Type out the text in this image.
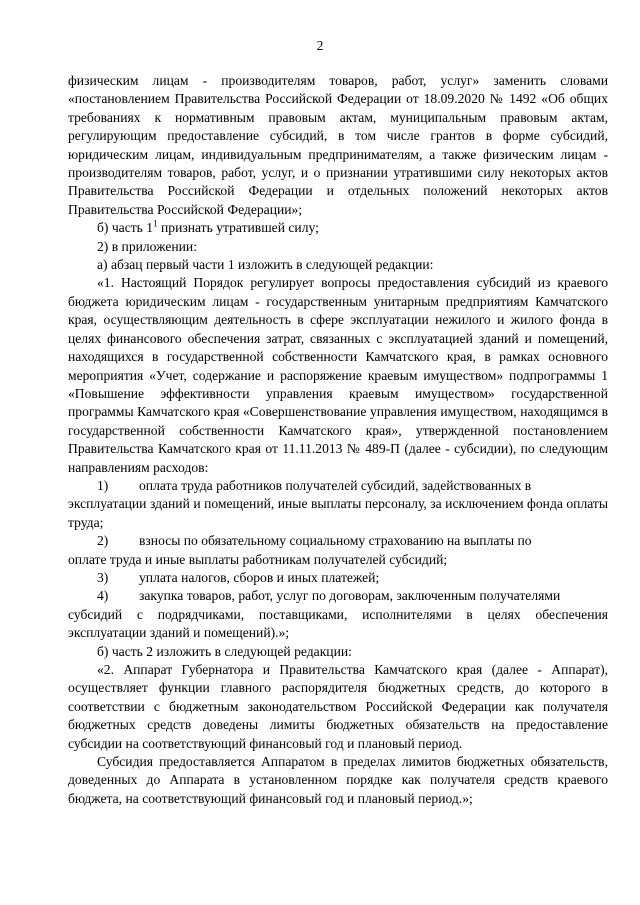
2

физическим лицам - производителям товаров, работ, услуг» заменить словами «постановлением Правительства Российской Федерации от 18.09.2020 № 1492 «Об общих требованиях к нормативным правовым актам, муниципальным правовым актам, регулирующим предоставление субсидий, в том числе грантов в форме субсидий, юридическим лицам, индивидуальным предпринимателям, а также физическим лицам - производителям товаров, работ, услуг, и о признании утратившими силу некоторых актов Правительства Российской Федерации и отдельных положений некоторых актов Правительства Российской Федерации»;

б) часть $1^1$ признать утратившей силу;

2) в приложении:

а) абзац первый части 1 изложить в следующей редакции:

«1. Настоящий Порядок регулирует вопросы предоставления субсидий из краевого бюджета юридическим лицам - государственным унитарным предприятиям Камчатского края, осуществляющим деятельность в сфере эксплуатации нежилого и жилого фонда в целях финансового обеспечения затрат, связанных с эксплуатацией зданий и помещений, находящихся в государственной собственности Камчатского края, в рамках основного мероприятия «Учет, содержание и распоряжение краевым имуществом» подпрограммы 1 «Повышение эффективности управления краевым имуществом» государственной программы Камчатского края «Совершенствование управления имуществом, находящимся в государственной собственности Камчатского края», утвержденной постановлением Правительства Камчатского края от 11.11.2013 № 489-П (далее - субсидии), по следующим направлениям расходов:

1)	оплата труда работников получателей субсидий, задействованных в

эксплуатации зданий и помещений, иные выплаты персоналу, за исключением фонда оплаты труда;

2)	взносы по обязательному социальному страхованию на выплаты по

оплате труда и иные выплаты работникам получателей субсидий;

3)	уплата налогов, сборов и иных платежей;
4)	закупка товаров, работ, услуг по договорам, заключенным получателями

субсидий с подрядчиками, поставщиками, исполнителями в целях обеспечения эксплуатации зданий и помещений).»;

б) часть 2 изложить в следующей редакции:

«2. Аппарат Губернатора и Правительства Камчатского края (далее - Аппарат), осуществляет функции главного распорядителя бюджетных средств, до которого в соответствии с бюджетным законодательством Российской Федерации как получателя бюджетных средств доведены лимиты бюджетных обязательств на предоставление субсидии на соответствующий финансовый год и плановый период.

Субсидия предоставляется Аппаратом в пределах лимитов бюджетных обязательств, доведенных до Аппарата в установленном порядке как получателя средств краевого бюджета, на соответствующий финансовый год и плановый период.»;
